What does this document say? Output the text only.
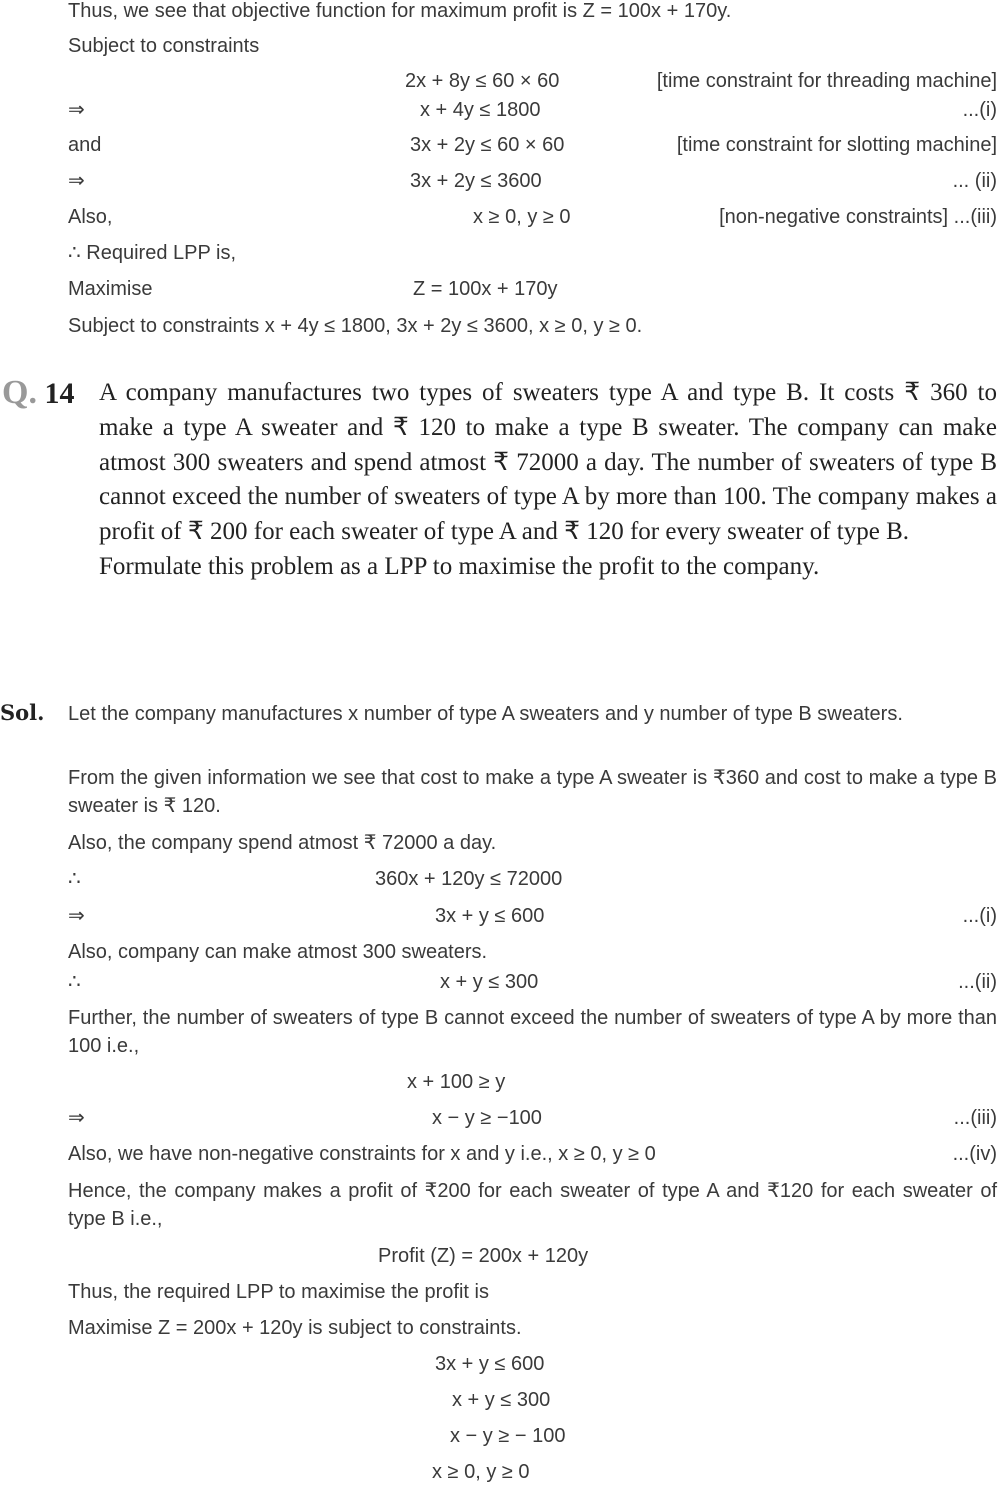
Thus, we see that objective function for maximum profit is Z = 100x + 170y.
Subject to constraints
2x + 8y ≤ 60 × 60	[time constraint for threading machine]
⇒	x + 4y ≤ 1800	...(i)
and	3x + 2y ≤ 60 × 60	[time constraint for slotting machine]
⇒	3x + 2y ≤ 3600	... (ii)
Also,	x ≥ 0, y ≥ 0	[non-negative constraints] ...(iii)
∴ Required LPP is,
Maximise	Z = 100x + 170y
Subject to constraints x + 4y ≤ 1800, 3x + 2y ≤ 3600, x ≥ 0, y ≥ 0.
Q. 14 A company manufactures two types of sweaters type A and type B. It costs ₹ 360 to make a type A sweater and ₹ 120 to make a type B sweater. The company can make atmost 300 sweaters and spend atmost ₹ 72000 a day. The number of sweaters of type B cannot exceed the number of sweaters of type A by more than 100. The company makes a profit of ₹ 200 for each sweater of type A and ₹ 120 for every sweater of type B.
Formulate this problem as a LPP to maximise the profit to the company.
Sol. Let the company manufactures x number of type A sweaters and y number of type B sweaters.
From the given information we see that cost to make a type A sweater is ₹360 and cost to make a type B sweater is ₹ 120.
Also, the company spend atmost ₹ 72000 a day.
∴	360x + 120y ≤ 72000
⇒	3x + y ≤ 600	...(i)
Also, company can make atmost 300 sweaters.
∴	x + y ≤ 300	...(ii)
Further, the number of sweaters of type B cannot exceed the number of sweaters of type A by more than 100 i.e.,
x + 100 ≥ y
⇒	x − y ≥ −100	...(iii)
Also, we have non-negative constraints for x and y i.e., x ≥ 0, y ≥ 0	...(iv)
Hence, the company makes a profit of ₹200 for each sweater of type A and ₹120 for each sweater of type B i.e.,
Profit (Z) = 200x + 120y
Thus, the required LPP to maximise the profit is
Maximise Z = 200x + 120y is subject to constraints.
3x + y ≤ 600
x + y ≤ 300
x − y ≥ − 100
x ≥ 0, y ≥ 0
